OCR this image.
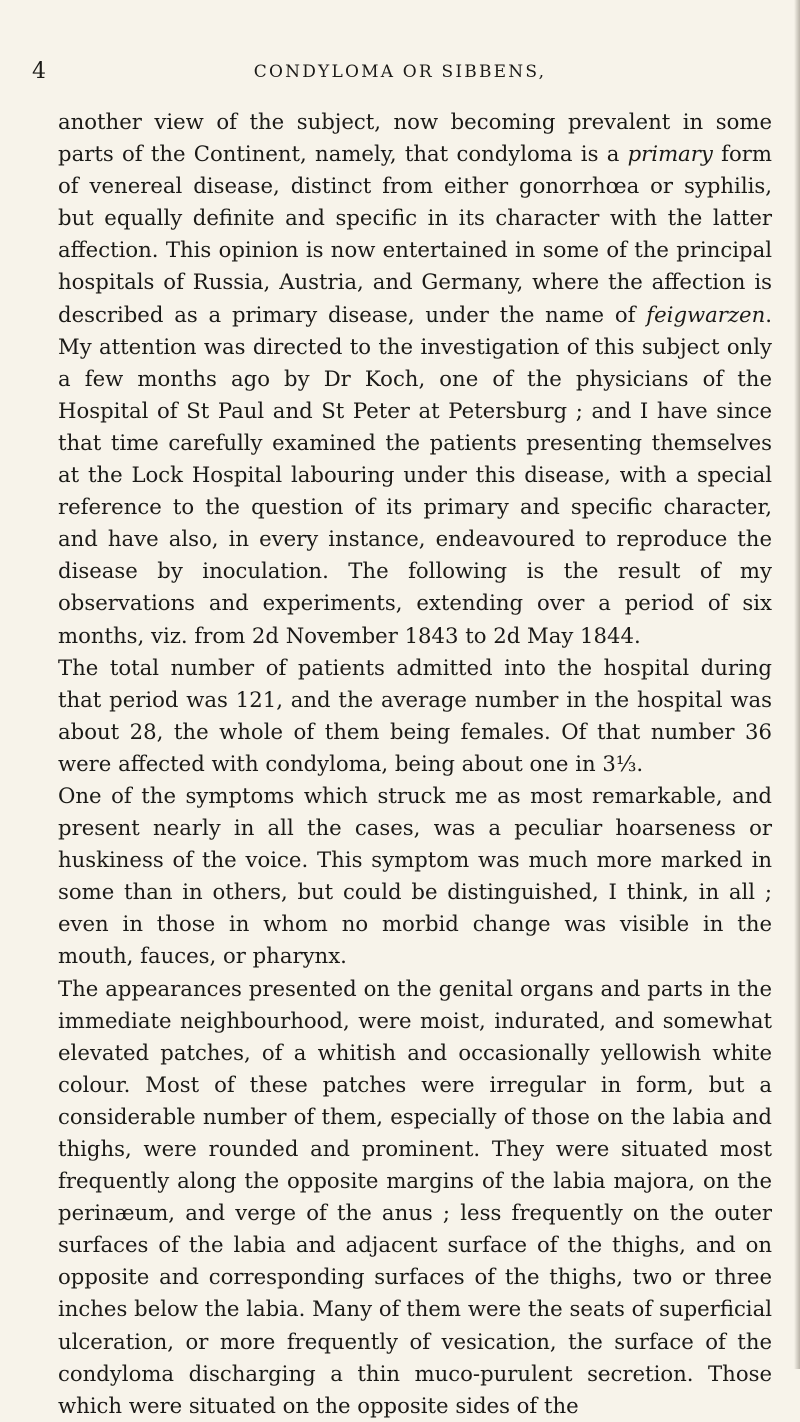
4	CONDYLOMA OR SIBBENS,

another view of the subject, now becoming prevalent in some parts of the Continent, namely, that condyloma is a primary form of venereal disease, distinct from either gonorrhœa or syphilis, but equally definite and specific in its character with the latter affection. This opinion is now entertained in some of the principal hospitals of Russia, Austria, and Germany, where the affection is described as a primary disease, under the name of feigwarzen. My attention was directed to the investigation of this subject only a few months ago by Dr Koch, one of the physicians of the Hospital of St Paul and St Peter at Petersburg ; and I have since that time carefully examined the patients presenting themselves at the Lock Hospital labouring under this disease, with a special reference to the question of its primary and specific character, and have also, in every instance, endeavoured to reproduce the disease by inoculation. The following is the result of my observations and experiments, extending over a period of six months, viz. from 2d November 1843 to 2d May 1844.

The total number of patients admitted into the hospital during that period was 121, and the average number in the hospital was about 28, the whole of them being females. Of that number 36 were affected with condyloma, being about one in 3⅓.

One of the symptoms which struck me as most remarkable, and present nearly in all the cases, was a peculiar hoarseness or huskiness of the voice. This symptom was much more marked in some than in others, but could be distinguished, I think, in all ; even in those in whom no morbid change was visible in the mouth, fauces, or pharynx.

The appearances presented on the genital organs and parts in the immediate neighbourhood, were moist, indurated, and somewhat elevated patches, of a whitish and occasionally yellowish white colour. Most of these patches were irregular in form, but a considerable number of them, especially of those on the labia and thighs, were rounded and prominent. They were situated most frequently along the opposite margins of the labia majora, on the perinæum, and verge of the anus ; less frequently on the outer surfaces of the labia and adjacent surface of the thighs, and on opposite and corresponding surfaces of the thighs, two or three inches below the labia. Many of them were the seats of superficial ulceration, or more frequently of vesication, the surface of the condyloma discharging a thin muco-purulent secretion. Those which were situated on the opposite sides of the
